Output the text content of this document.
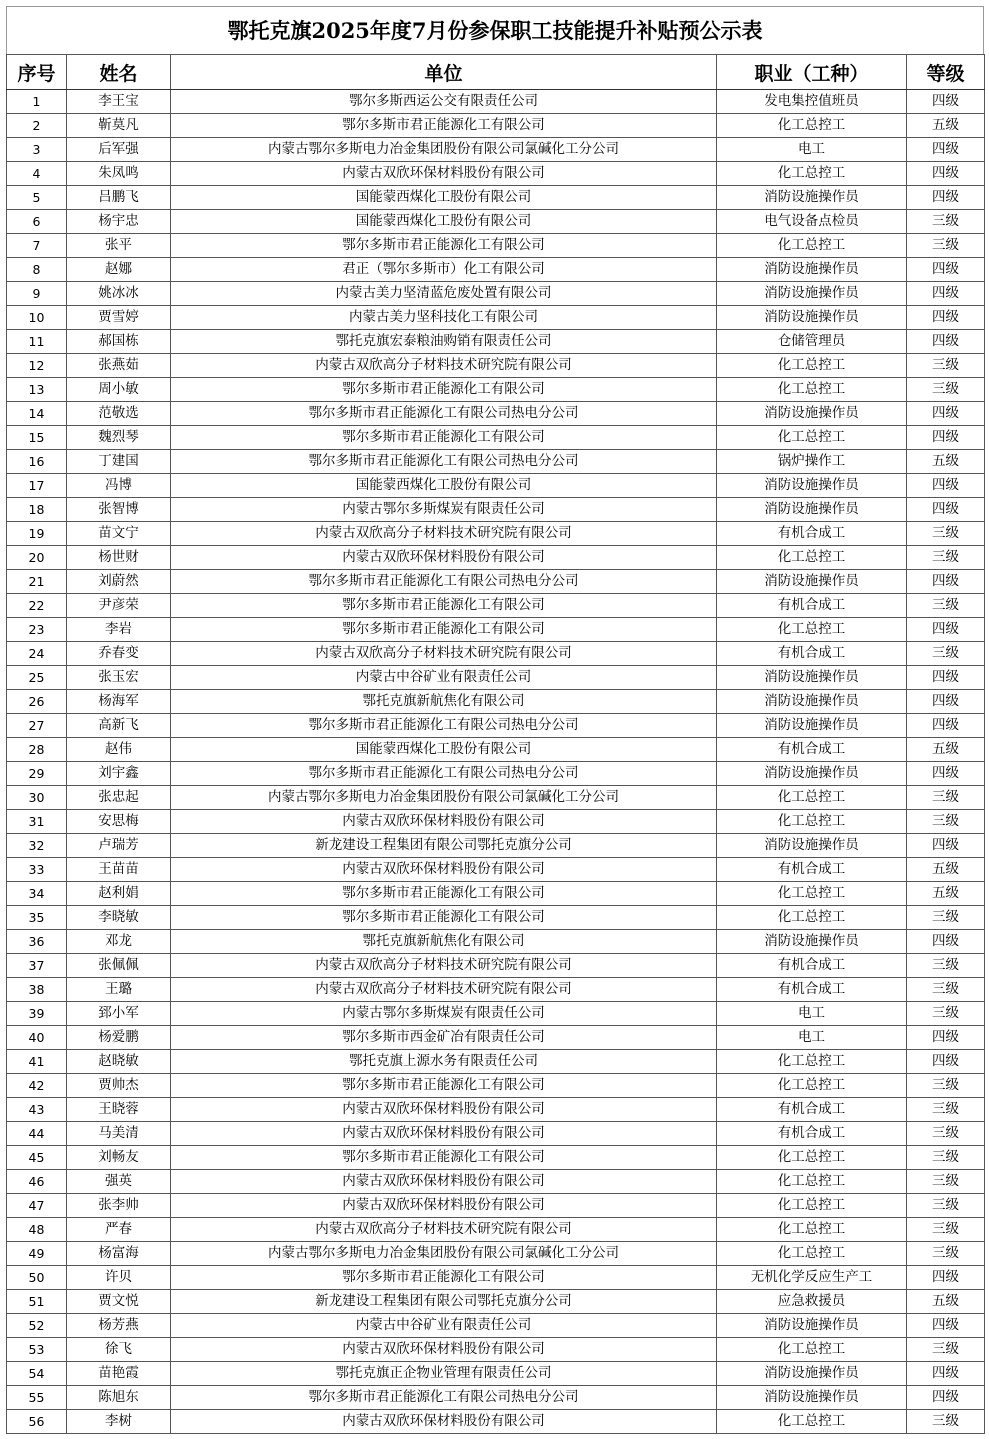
鄂托克旗2025年度7月份参保职工技能提升补贴预公示表
序号	姓名	单位	职业（工种）	等级
1	李王宝	鄂尔多斯西运公交有限责任公司	发电集控值班员	四级
2	靳莫凡	鄂尔多斯市君正能源化工有限公司	化工总控工	五级
3	后军强	内蒙古鄂尔多斯电力冶金集团股份有限公司氯碱化工分公司	电工	四级
4	朱凤鸣	内蒙古双欣环保材料股份有限公司	化工总控工	四级
5	吕鹏飞	国能蒙西煤化工股份有限公司	消防设施操作员	四级
6	杨宇忠	国能蒙西煤化工股份有限公司	电气设备点检员	三级
7	张平	鄂尔多斯市君正能源化工有限公司	化工总控工	三级
8	赵娜	君正（鄂尔多斯市）化工有限公司	消防设施操作员	四级
9	姚冰冰	内蒙古美力坚清蓝危废处置有限公司	消防设施操作员	四级
10	贾雪婷	内蒙古美力坚科技化工有限公司	消防设施操作员	四级
11	郝国栋	鄂托克旗宏泰粮油购销有限责任公司	仓储管理员	四级
12	张燕茹	内蒙古双欣高分子材料技术研究院有限公司	化工总控工	三级
13	周小敏	鄂尔多斯市君正能源化工有限公司	化工总控工	三级
14	范敬选	鄂尔多斯市君正能源化工有限公司热电分公司	消防设施操作员	四级
15	魏烈琴	鄂尔多斯市君正能源化工有限公司	化工总控工	四级
16	丁建国	鄂尔多斯市君正能源化工有限公司热电分公司	锅炉操作工	五级
17	冯博	国能蒙西煤化工股份有限公司	消防设施操作员	四级
18	张智博	内蒙古鄂尔多斯煤炭有限责任公司	消防设施操作员	四级
19	苗文宁	内蒙古双欣高分子材料技术研究院有限公司	有机合成工	三级
20	杨世财	内蒙古双欣环保材料股份有限公司	化工总控工	三级
21	刘蔚然	鄂尔多斯市君正能源化工有限公司热电分公司	消防设施操作员	四级
22	尹彦荣	鄂尔多斯市君正能源化工有限公司	有机合成工	三级
23	李岩	鄂尔多斯市君正能源化工有限公司	化工总控工	四级
24	乔春变	内蒙古双欣高分子材料技术研究院有限公司	有机合成工	三级
25	张玉宏	内蒙古中谷矿业有限责任公司	消防设施操作员	四级
26	杨海军	鄂托克旗新航焦化有限公司	消防设施操作员	四级
27	高新飞	鄂尔多斯市君正能源化工有限公司热电分公司	消防设施操作员	四级
28	赵伟	国能蒙西煤化工股份有限公司	有机合成工	五级
29	刘宇鑫	鄂尔多斯市君正能源化工有限公司热电分公司	消防设施操作员	四级
30	张忠起	内蒙古鄂尔多斯电力冶金集团股份有限公司氯碱化工分公司	化工总控工	三级
31	安思梅	内蒙古双欣环保材料股份有限公司	化工总控工	三级
32	卢瑞芳	新龙建设工程集团有限公司鄂托克旗分公司	消防设施操作员	四级
33	王苗苗	内蒙古双欣环保材料股份有限公司	有机合成工	五级
34	赵利娟	鄂尔多斯市君正能源化工有限公司	化工总控工	五级
35	李晓敏	鄂尔多斯市君正能源化工有限公司	化工总控工	三级
36	邓龙	鄂托克旗新航焦化有限公司	消防设施操作员	四级
37	张佩佩	内蒙古双欣高分子材料技术研究院有限公司	有机合成工	三级
38	王璐	内蒙古双欣高分子材料技术研究院有限公司	有机合成工	三级
39	郅小军	内蒙古鄂尔多斯煤炭有限责任公司	电工	三级
40	杨爱鹏	鄂尔多斯市西金矿冶有限责任公司	电工	四级
41	赵晓敏	鄂托克旗上源水务有限责任公司	化工总控工	四级
42	贾帅杰	鄂尔多斯市君正能源化工有限公司	化工总控工	三级
43	王晓蓉	内蒙古双欣环保材料股份有限公司	有机合成工	三级
44	马美清	内蒙古双欣环保材料股份有限公司	有机合成工	三级
45	刘畅友	鄂尔多斯市君正能源化工有限公司	化工总控工	三级
46	强英	内蒙古双欣环保材料股份有限公司	化工总控工	三级
47	张李帅	内蒙古双欣环保材料股份有限公司	化工总控工	三级
48	严春	内蒙古双欣高分子材料技术研究院有限公司	化工总控工	三级
49	杨富海	内蒙古鄂尔多斯电力冶金集团股份有限公司氯碱化工分公司	化工总控工	三级
50	许贝	鄂尔多斯市君正能源化工有限公司	无机化学反应生产工	四级
51	贾文悦	新龙建设工程集团有限公司鄂托克旗分公司	应急救援员	五级
52	杨芳燕	内蒙古中谷矿业有限责任公司	消防设施操作员	四级
53	徐飞	内蒙古双欣环保材料股份有限公司	化工总控工	三级
54	苗艳霞	鄂托克旗正企物业管理有限责任公司	消防设施操作员	四级
55	陈旭东	鄂尔多斯市君正能源化工有限公司热电分公司	消防设施操作员	四级
56	李树	内蒙古双欣环保材料股份有限公司	化工总控工	三级
